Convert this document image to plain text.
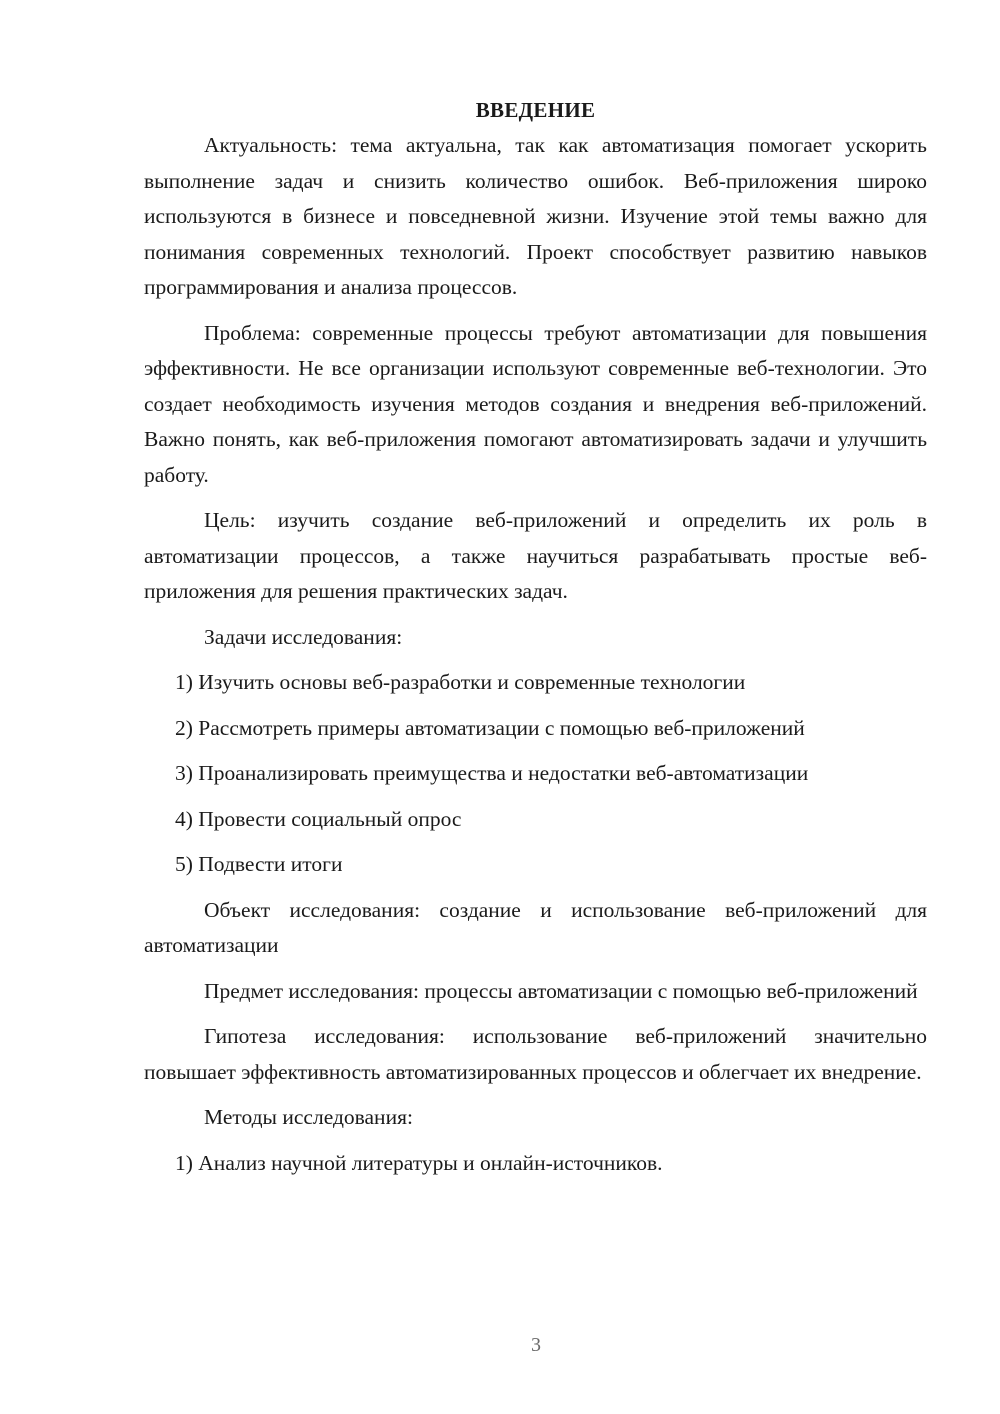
ВВЕДЕНИЕ

Актуальность: тема актуальна, так как автоматизация помогает ускорить выполнение задач и снизить количество ошибок. Веб-приложения широко используются в бизнесе и повседневной жизни. Изучение этой темы важно для понимания современных технологий. Проект способствует развитию навыков программирования и анализа процессов.

Проблема: современные процессы требуют автоматизации для повышения эффективности. Не все организации используют современные веб-технологии. Это создает необходимость изучения методов создания и внедрения веб-приложений. Важно понять, как веб-приложения помогают автоматизировать задачи и улучшить работу.

Цель: изучить создание веб-приложений и определить их роль в автоматизации процессов, а также научиться разрабатывать простые веб-приложения для решения практических задач.

Задачи исследования:

1) Изучить основы веб-разработки и современные технологии
2) Рассмотреть примеры автоматизации с помощью веб-приложений
3) Проанализировать преимущества и недостатки веб-автоматизации
4) Провести социальный опрос
5) Подвести итоги

Объект исследования: создание и использование веб-приложений для автоматизации

Предмет исследования: процессы автоматизации с помощью веб-приложений

Гипотеза исследования: использование веб-приложений значительно повышает эффективность автоматизированных процессов и облегчает их внедрение.

Методы исследования:

1) Анализ научной литературы и онлайн-источников.
3
